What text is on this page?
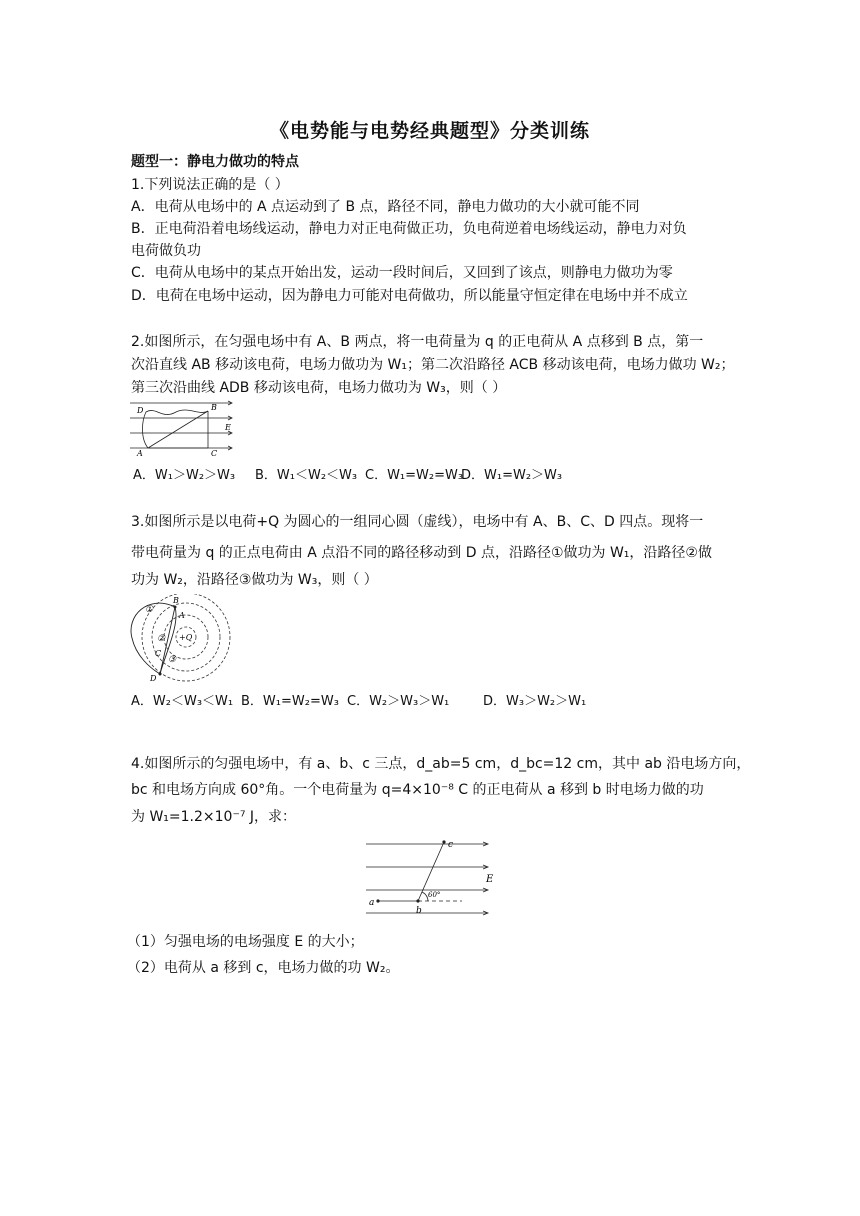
《电势能与电势经典题型》分类训练
题型一：静电力做功的特点
1.下列说法正确的是（ ）
A．电荷从电场中的 A 点运动到了 B 点，路径不同，静电力做功的大小就可能不同
B．正电荷沿着电场线运动，静电力对正电荷做正功，负电荷逆着电场线运动，静电力对负
电荷做负功
C．电荷从电场中的某点开始出发，运动一段时间后，又回到了该点，则静电力做功为零
D．电荷在电场中运动，因为静电力可能对电荷做功，所以能量守恒定律在电场中并不成立
2.如图所示，在匀强电场中有 A、B 两点，将一电荷量为 q 的正电荷从 A 点移到 B 点，第一
次沿直线 AB 移动该电荷，电场力做功为 W₁；第二次沿路径 ACB 移动该电荷，电场力做功 W₂；
第三次沿曲线 ADB 移动该电荷，电场力做功为 W₃，则（ ）
D	B
E
A	C
A．W₁＞W₂＞W₃ B．W₁＜W₂＜W₃ C．W₁=W₂=W₃D．W₁=W₂＞W₃
3.如图所示是以电荷+Q 为圆心的一组同心圆（虚线），电场中有 A、B、C、D 四点。现将一
带电荷量为 q 的正点电荷由 A 点沿不同的路径移动到 D 点，沿路径①做功为 W₁，沿路径②做
功为 W₂，沿路径③做功为 W₃，则（ ）
①
B
A
+Q
②
C
③
D
A．W₂＜W₃＜W₁ B．W₁=W₂=W₃ C．W₂＞W₃＞W₁	D．W₃＞W₂＞W₁
4.如图所示的匀强电场中，有 a、b、c 三点，d_ab=5 cm，d_bc=12 cm，其中 ab 沿电场方向，
bc 和电场方向成 60°角。一个电荷量为 q=4×10⁻⁸ C 的正电荷从 a 移到 b 时电场力做的功
为 W₁=1.2×10⁻⁷ J，求：
a
b
c
E
60°
（1）匀强电场的电场强度 E 的大小；
（2）电荷从 a 移到 c，电场力做的功 W₂。
